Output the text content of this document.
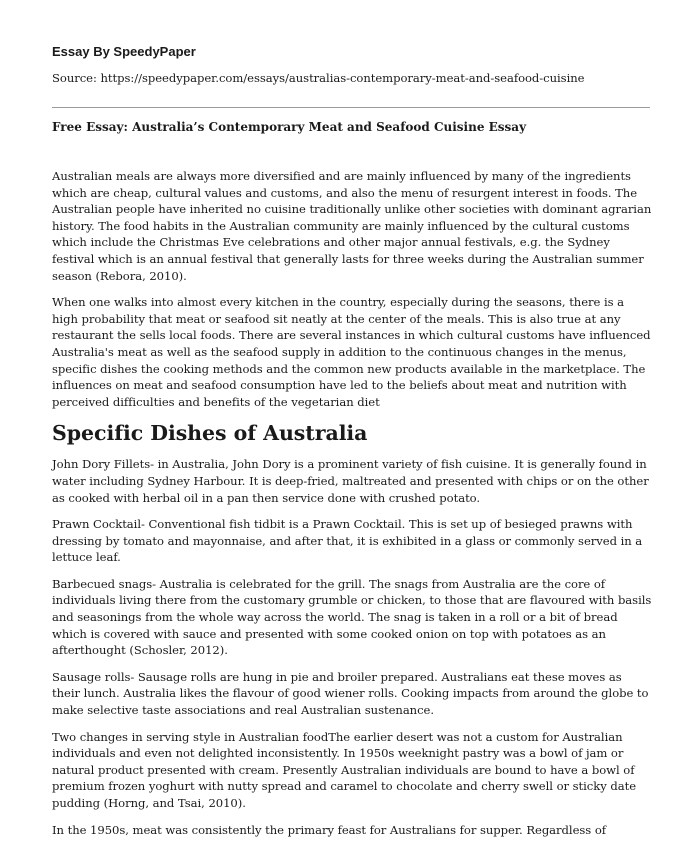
Essay By SpeedyPaper
Source: https://speedypaper.com/essays/australias-contemporary-meat-and-seafood-cuisine
Free Essay: Australia’s Contemporary Meat and Seafood Cuisine Essay

Australian meals are always more diversified and are mainly influenced by many of the ingredients which are cheap, cultural values and customs, and also the menu of resurgent interest in foods. The Australian people have inherited no cuisine traditionally unlike other societies with dominant agrarian history. The food habits in the Australian community are mainly influenced by the cultural customs which include the Christmas Eve celebrations and other major annual festivals, e.g. the Sydney festival which is an annual festival that generally lasts for three weeks during the Australian summer season (Rebora, 2010).

When one walks into almost every kitchen in the country, especially during the seasons, there is a high probability that meat or seafood sit neatly at the center of the meals. This is also true at any restaurant the sells local foods. There are several instances in which cultural customs have influenced Australia's meat as well as the seafood supply in addition to the continuous changes in the menus, specific dishes the cooking methods and the common new products available in the marketplace. The influences on meat and seafood consumption have led to the beliefs about meat and nutrition with perceived difficulties and benefits of the vegetarian diet

Specific Dishes of Australia

John Dory Fillets- in Australia, John Dory is a prominent variety of fish cuisine. It is generally found in water including Sydney Harbour. It is deep-fried, maltreated and presented with chips or on the other as cooked with herbal oil in a pan then service done with crushed potato.

Prawn Cocktail- Conventional fish tidbit is a Prawn Cocktail. This is set up of besieged prawns with dressing by tomato and mayonnaise, and after that, it is exhibited in a glass or commonly served in a lettuce leaf.

Barbecued snags- Australia is celebrated for the grill. The snags from Australia are the core of individuals living there from the customary grumble or chicken, to those that are flavoured with basils and seasonings from the whole way across the world. The snag is taken in a roll or a bit of bread which is covered with sauce and presented with some cooked onion on top with potatoes as an afterthought (Schosler, 2012).

Sausage rolls- Sausage rolls are hung in pie and broiler prepared. Australians eat these moves as their lunch. Australia likes the flavour of good wiener rolls. Cooking impacts from around the globe to make selective taste associations and real Australian sustenance.

Two changes in serving style in Australian foodThe earlier desert was not a custom for Australian individuals and even not delighted inconsistently. In 1950s weeknight pastry was a bowl of jam or natural product presented with cream. Presently Australian individuals are bound to have a bowl of premium frozen yoghurt with nutty spread and caramel to chocolate and cherry swell or sticky date pudding (Horng, and Tsai, 2010).

In the 1950s, meat was consistently the primary feast for Australians for supper. Regardless of
